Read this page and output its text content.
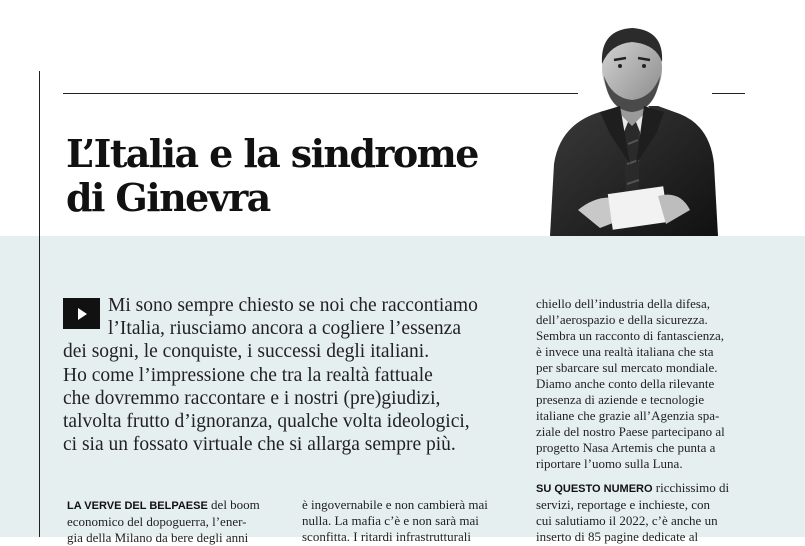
L’Italia e la sindrome
di Ginevra

Mi sono sempre chiesto se noi che raccontiamo
l’Italia, riusciamo ancora a cogliere l’essenza
dei sogni, le conquiste, i successi degli italiani.
Ho come l’impressione che tra la realtà fattuale
che dovremmo raccontare e i nostri (pre)giudizi,
talvolta frutto d’ignoranza, qualche volta ideologici,
ci sia un fossato virtuale che si allarga sempre più.

chiello dell’industria della difesa,
dell’aerospazio e della sicurezza.
Sembra un racconto di fantascienza,
è invece una realtà italiana che sta
per sbarcare sul mercato mondiale.
Diamo anche conto della rilevante
presenza di aziende e tecnologie
italiane che grazie all’Agenzia spa-
ziale del nostro Paese partecipano al
progetto Nasa Artemis che punta a
riportare l’uomo sulla Luna.
SU QUESTO NUMERO ricchissimo di
servizi, reportage e inchieste, con
cui salutiamo il 2022, c’è anche un
inserto di 85 pagine dedicate al
LA VERVE DEL BELPAESE del boom
economico del dopoguerra, l’ener-
gia della Milano da bere degli anni
è ingovernabile e non cambierà mai
nulla. La mafia c’è e non sarà mai
sconfitta. I ritardi infrastrutturali
